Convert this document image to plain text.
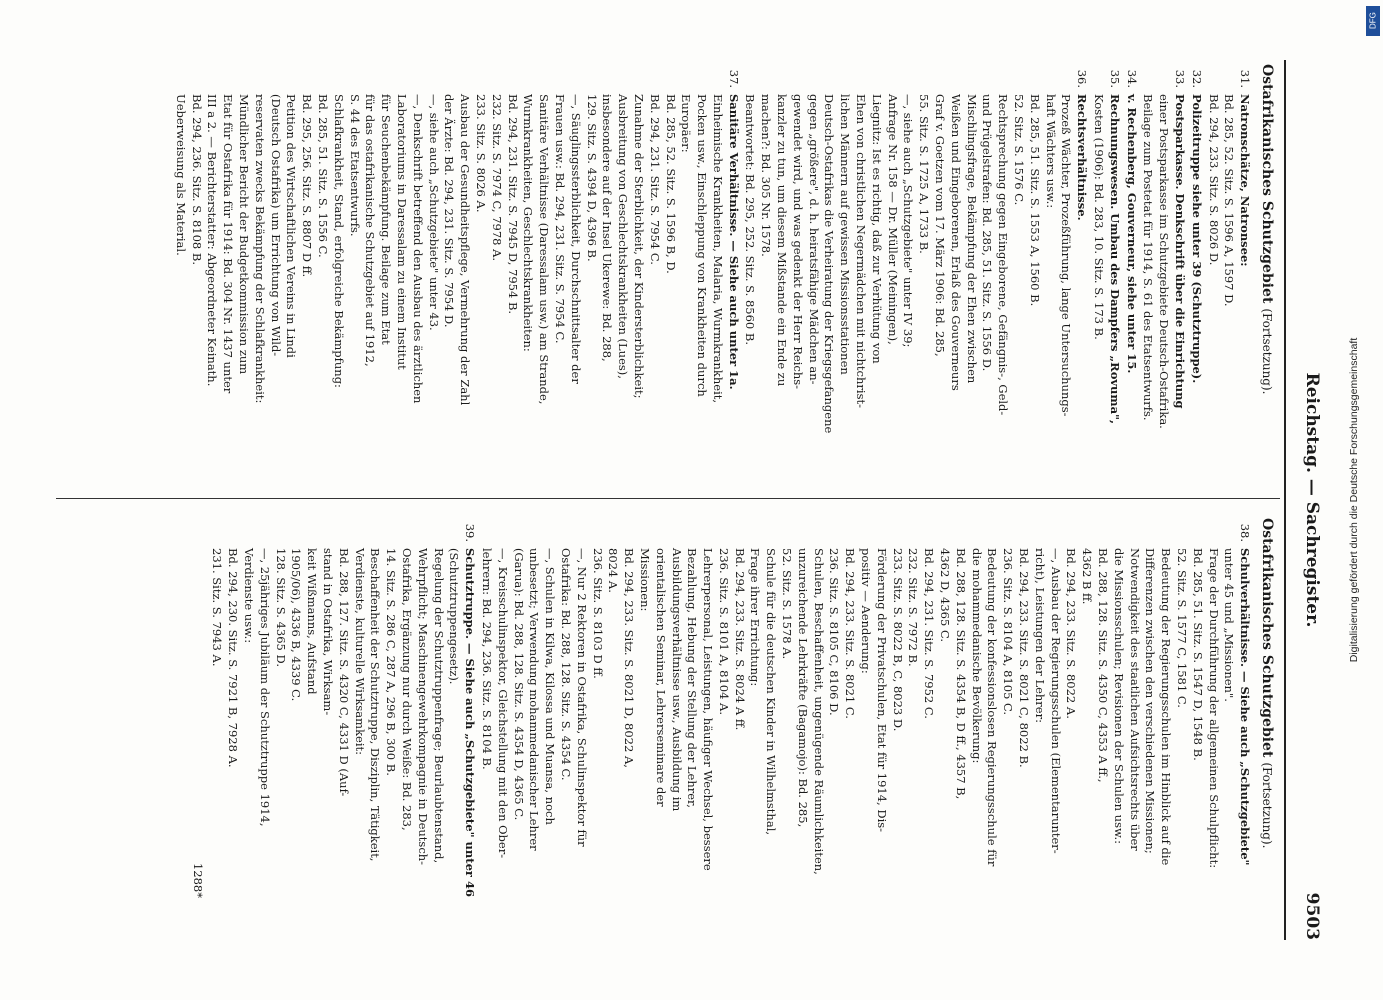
Reichstag. — Sachregister.
9503
Ostafrikanisches Schutzgebiet (Fortsetzung).
31.
Natronschätze, Natronsee:
Bd. 285, 52. Sitz. S. 1596 A, 1597 D.
Bd. 294, 233. Sitz. S. 8026 D.
32.
Polizeitruppe siehe unter 39 (Schutztruppe).
33.
Postsparkasse. Denkschrift über die Einrichtung
einer Postsparkasse im Schutzgebiete Deutsch-Ostafrika.
Beilage zum Postetat für 1914, S. 61 des Etatsentwurfs.
34.
v. Rechenberg, Gouverneur, siehe unter 15.
35.
Rechnungswesen. Umbau des Dampfers „Rovuma",
Kosten (1906): Bd. 283, 10. Sitz. S. 173 B.
36.
Rechtsverhältnisse.
Prozeß Wächter, Prozeßführung, lange Untersuchungs-
haft Wächters usw.:
Bd. 285, 51. Sitz. S. 1553 A, 1560 B.
52. Sitz. S. 1576 C.
Rechtsprechung gegen Eingeborene, Gefängnis-, Geld-
und Prügelstrafen: Bd. 285, 51. Sitz. S. 1556 D.
Mischlingsfrage, Bekämpfung der Ehen zwischen
Weißen und Eingeborenen, Erlaß des Gouverneurs
Graf v. Goetzen vom 17. März 1906: Bd. 285,
55. Sitz. S. 1725 A, 1733 B.
—, siehe auch „Schutzgebiete" unter IV 39;
Anfrage Nr. 158 — Dr. Müller (Meiningen),
Liegnitz: Ist es richtig, daß zur Verhütung von
Ehen von christlichen Negermädchen mit nichtchrist-
lichen Männern auf gewissen Missionsstationen
Deutsch-Ostafrikas die Verheiratung der Kriegsgefangene
gegen „größere", d. h. heiratsfähige Mädchen an-
gewendet wird, und was gedenkt der Herr Reichs-
kanzler zu tun, um diesem Mißstande ein Ende zu
machen?: Bd. 305 Nr. 1578.
Beantwortet: Bd. 295, 252. Sitz. S. 8560 B.
37.
Sanitäre Verhältnisse. — Siehe auch unter 1a.
Einheimische Krankheiten, Malaria, Wurmkrankheit,
Pocken usw., Einschleppung von Krankheiten durch
Europäer:
Bd. 285, 52. Sitz. S. 1596 B, D.
Bd. 294, 231. Sitz. S. 7954 C.
Zunahme der Sterblichkeit, der Kindersterblichkeit;
Ausbreitung von Geschlechtskrankheiten (Lues),
insbesondere auf der Insel Ukerewe: Bd. 288,
129. Sitz. S. 4394 D, 4396 B.
—, Säuglingssterblichkeit, Durchschnittsalter der
Frauen usw.: Bd. 294, 231. Sitz. S. 7954 C.
Sanitäre Verhältnisse (Daressalam usw.) am Strande,
Wurmkrankheiten, Geschlechtskrankheiten:
Bd. 294, 231. Sitz. S. 7945 D, 7954 B.
232. Sitz. S. 7974 C, 7978 A.
233. Sitz. S. 8026 A.
Ausbau der Gesundheitspflege, Vermehrung der Zahl
der Ärzte: Bd. 294, 231. Sitz. S. 7954 D.
—, siehe auch „Schutzgebiete" unter 43.
—, Denkschrift betreffend den Ausbau des ärztlichen
Laboratoriums in Daressalam zu einem Institut
für Seuchenbekämpfung. Beilage zum Etat
für das ostafrikanische Schutzgebiet auf 1912,
S. 44 des Etatsentwurfs.
Schlafkrankheit, Stand, erfolgreiche Bekämpfung:
Bd. 285, 51. Sitz. S. 1556 C.
Bd. 295, 256. Sitz. S. 8807 D ff.
Petition des Wirtschaftlichen Vereins in Lindi
(Deutsch Ostafrika) um Errichtung von Wild-
reservaten zwecks Bekämpfung der Schlafkrankheit:
Mündlicher Bericht der Budgetkommission zum
Etat für Ostafrika für 1914: Bd. 304 Nr. 1437 unter
III a 2. — Berichterstatter: Abgeordneter Keinath.
Bd. 294, 236. Sitz. S. 8108 B.
Ueberweisung als Material.
Ostafrikanisches Schutzgebiet (Fortsetzung).
38.
Schulverhältnisse. — Siehe auch „Schutzgebiete"
unter 45 und „Missionen".
Frage der Durchführung der allgemeinen Schulpflicht:
Bd. 285, 51. Sitz. S. 1547 D, 1548 B.
52. Sitz. S. 1577 C, 1581 C.
Bedeutung der Regierungsschulen im Hinblick auf die
Differenzen zwischen den verschiedenen Missionen;
Notwendigkeit des staatlichen Aufsichtsrechts über
die Missionsschulen; Revisionen der Schulen usw.:
Bd. 288, 128. Sitz. S. 4350 C, 4353 A ff.,
4362 B ff.
Bd. 294, 233. Sitz. S. 8022 A.
—, Ausbau der Regierungsschulen (Elementarunter-
richt), Leistungen der Lehrer:
Bd. 294, 233. Sitz. S. 8021 C, 8022 B.
236. Sitz. S. 8104 A, 8105 C.
Bedeutung der konfessionslosen Regierungsschule für
die mohammedanische Bevölkerung:
Bd. 288, 128. Sitz. S. 4354 B, D ff., 4357 B,
4362 D, 4365 C.
Bd. 294, 231. Sitz. S. 7952 C.
232. Sitz. S. 7972 B.
233. Sitz. S. 8022 B, C, 8023 D.
Förderung der Privatschulen, Etat für 1914, Dis-
positiv — Aenderung:
Bd. 294, 233. Sitz. S. 8021 C.
236. Sitz. S. 8105 C, 8106 D.
Schulen, Beschaffenheit, ungenügende Räumlichkeiten,
unzureichende Lehrkräfte (Bagamojo): Bd. 285,
52. Sitz. S. 1578 A.
Schule für die deutschen Kinder in Wilhelmsthal,
Frage ihrer Errichtung:
Bd. 294, 233. Sitz. S. 8024 A ff.
236. Sitz. S. 8101 A, 8104 A.
Lehrerpersonal, Leistungen, häufiger Wechsel, bessere
Bezahlung, Hebung der Stellung der Lehrer,
Ausbildungsverhältnisse usw., Ausbildung im
orientalischen Seminar, Lehrerseminare der
Missionen:
Bd. 294, 233. Sitz. S. 8021 D, 8022 A,
8024 A.
236. Sitz. S. 8103 D ff.
—, Nur 2 Rektoren in Ostafrika, Schulinspektor für
Ostafrika: Bd. 288, 128. Sitz. S. 4354 C.
—, Schulen in Kilwa, Kilossa und Muansa, noch
unbesetzt; Verwendung mohammedanischer Lehrer
(Garua): Bd. 288, 128. Sitz. S. 4354 D, 4365 C.
—, Kreisschulinspektor, Gleichstellung mit den Ober-
lehrern: Bd. 294, 236. Sitz. S. 8104 B.
39.
Schutztruppe. — Siehe auch „Schutzgebiete" unter 46
(Schutztruppengesetz).
Regelung der Schutztruppenfrage; Beurlaubtenstand,
Wehrpflicht; Maschinengewehrkompagnie in Deutsch-
Ostafrika, Ergänzung nur durch Weiße: Bd. 283,
14. Sitz. S. 286 C, 287 A, 296 B, 300 B.
Beschaffenheit der Schutztruppe, Disziplin, Tätigkeit,
Verdienste, kulturelle Wirksamkeit:
Bd. 288, 127. Sitz. S. 4320 C, 4331 D (Auf-
stand in Ostafrika, Wirksam-
keit Wißmanns, Aufstand
1905/06), 4336 B, 4339 C.
128. Sitz. S. 4365 D.
—, 25jähriges Jubiläum der Schutztruppe 1914,
Verdienste usw.:
Bd. 294, 230. Sitz. S. 7921 B, 7928 A.
231. Sitz. S. 7943 A.
1288*
Digitalisierung gefördert durch die Deutsche Forschungsgemeinschaft
DFG
